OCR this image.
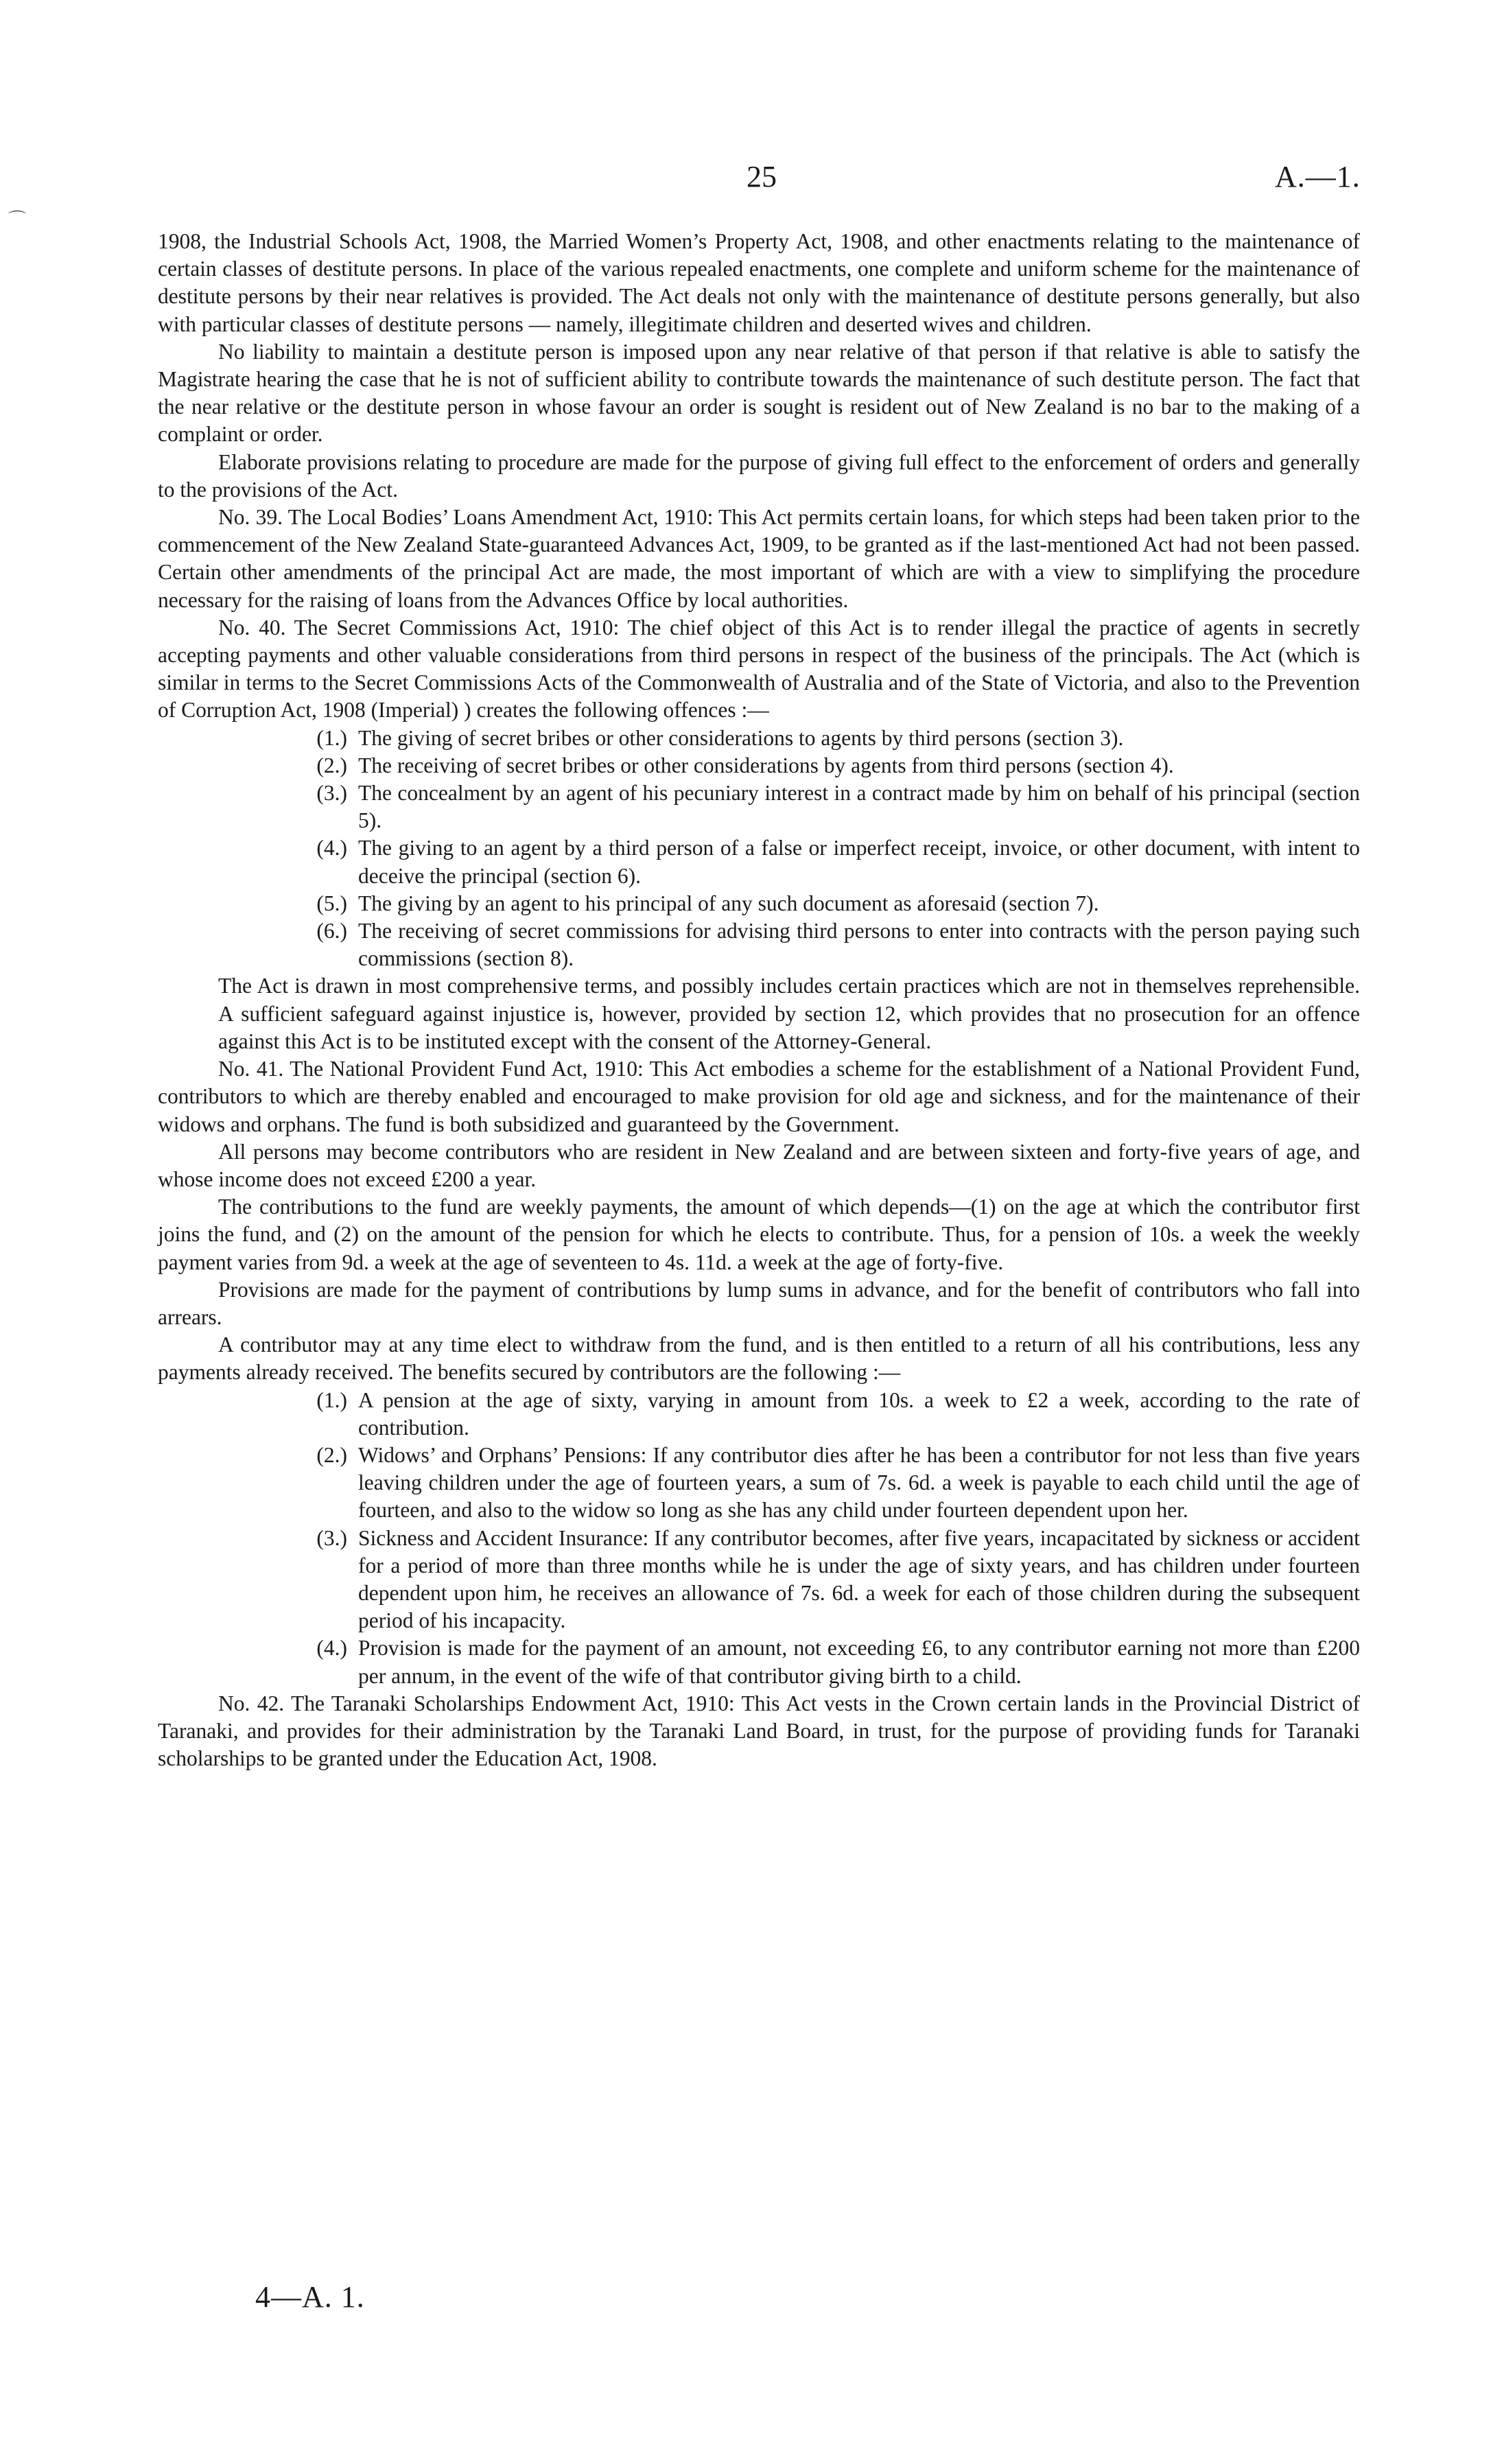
25	A.—1.
⌒

1908, the Industrial Schools Act, 1908, the Married Women’s Property Act, 1908, and other enactments relating to the maintenance of certain classes of destitute persons. In place of the various repealed enactments, one complete and uniform scheme for the maintenance of destitute persons by their near relatives is provided. The Act deals not only with the maintenance of destitute persons generally, but also with particular classes of destitute persons — namely, illegitimate children and deserted wives and children.

No liability to maintain a destitute person is imposed upon any near relative of that person if that relative is able to satisfy the Magistrate hearing the case that he is not of sufficient ability to contribute towards the maintenance of such destitute person. The fact that the near relative or the destitute person in whose favour an order is sought is resident out of New Zealand is no bar to the making of a complaint or order.

Elaborate provisions relating to procedure are made for the purpose of giving full effect to the enforcement of orders and generally to the provisions of the Act.

No. 39. The Local Bodies’ Loans Amendment Act, 1910: This Act permits certain loans, for which steps had been taken prior to the commencement of the New Zealand State-guaranteed Advances Act, 1909, to be granted as if the last-mentioned Act had not been passed. Certain other amendments of the principal Act are made, the most important of which are with a view to simplifying the procedure necessary for the raising of loans from the Advances Office by local authorities.

No. 40. The Secret Commissions Act, 1910: The chief object of this Act is to render illegal the practice of agents in secretly accepting payments and other valuable considerations from third persons in respect of the business of the principals. The Act (which is similar in terms to the Secret Commissions Acts of the Commonwealth of Australia and of the State of Victoria, and also to the Prevention of Corruption Act, 1908 (Imperial) ) creates the following offences :—

(1.) The giving of secret bribes or other considerations to agents by third persons (section 3).
(2.) The receiving of secret bribes or other considerations by agents from third persons (section 4).
(3.) The concealment by an agent of his pecuniary interest in a contract made by him on behalf of his principal (section 5).
(4.) The giving to an agent by a third person of a false or imperfect receipt, invoice, or other document, with intent to deceive the principal (section 6).
(5.) The giving by an agent to his principal of any such document as aforesaid (section 7).
(6.) The receiving of secret commissions for advising third persons to enter into contracts with the person paying such commissions (section 8).

The Act is drawn in most comprehensive terms, and possibly includes certain practices which are not in themselves reprehensible. A sufficient safeguard against injustice is, however, provided by section 12, which provides that no prosecution for an offence against this Act is to be instituted except with the consent of the Attorney-General.

No. 41. The National Provident Fund Act, 1910: This Act embodies a scheme for the establishment of a National Provident Fund, contributors to which are thereby enabled and encouraged to make provision for old age and sickness, and for the maintenance of their widows and orphans. The fund is both subsidized and guaranteed by the Government.

All persons may become contributors who are resident in New Zealand and are between sixteen and forty-five years of age, and whose income does not exceed £200 a year.

The contributions to the fund are weekly payments, the amount of which depends—(1) on the age at which the contributor first joins the fund, and (2) on the amount of the pension for which he elects to contribute. Thus, for a pension of 10s. a week the weekly payment varies from 9d. a week at the age of seventeen to 4s. 11d. a week at the age of forty-five.

Provisions are made for the payment of contributions by lump sums in advance, and for the benefit of contributors who fall into arrears.

A contributor may at any time elect to withdraw from the fund, and is then entitled to a return of all his contributions, less any payments already received. The benefits secured by contributors are the following :—

(1.) A pension at the age of sixty, varying in amount from 10s. a week to £2 a week, according to the rate of contribution.
(2.) Widows’ and Orphans’ Pensions: If any contributor dies after he has been a contributor for not less than five years leaving children under the age of fourteen years, a sum of 7s. 6d. a week is payable to each child until the age of fourteen, and also to the widow so long as she has any child under fourteen dependent upon her.
(3.) Sickness and Accident Insurance: If any contributor becomes, after five years, incapacitated by sickness or accident for a period of more than three months while he is under the age of sixty years, and has children under fourteen dependent upon him, he receives an allowance of 7s. 6d. a week for each of those children during the subsequent period of his incapacity.
(4.) Provision is made for the payment of an amount, not exceeding £6, to any contributor earning not more than £200 per annum, in the event of the wife of that contributor giving birth to a child.

No. 42. The Taranaki Scholarships Endowment Act, 1910: This Act vests in the Crown certain lands in the Provincial District of Taranaki, and provides for their administration by the Taranaki Land Board, in trust, for the purpose of providing funds for Taranaki scholarships to be granted under the Education Act, 1908.

4—A. 1.
